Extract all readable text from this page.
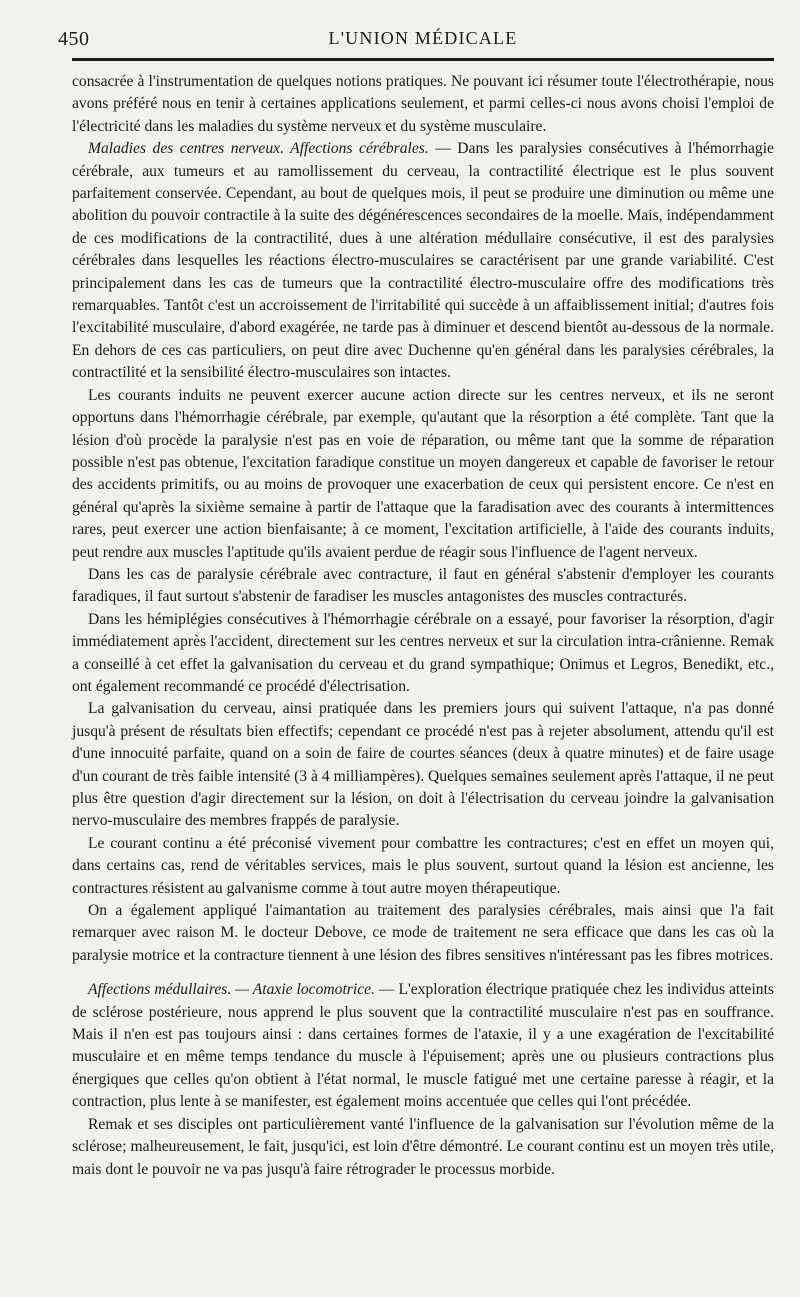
450	L'UNION MÉDICALE

consacrée à l'instrumentation de quelques notions pratiques. Ne pouvant ici résumer toute l'électrothérapie, nous avons préféré nous en tenir à certaines applications seulement, et parmi celles-ci nous avons choisi l'emploi de l'électricité dans les maladies du système nerveux et du système musculaire.

Maladies des centres nerveux. Affections cérébrales. — Dans les paralysies consécutives à l'hémorrhagie cérébrale, aux tumeurs et au ramollissement du cerveau, la contractilité électrique est le plus souvent parfaitement conservée. Cependant, au bout de quelques mois, il peut se produire une diminution ou même une abolition du pouvoir contractile à la suite des dégénérescences secondaires de la moelle. Mais, indépendamment de ces modifications de la contractilité, dues à une altération médullaire consécutive, il est des paralysies cérébrales dans lesquelles les réactions électro-musculaires se caractérisent par une grande variabilité. C'est principalement dans les cas de tumeurs que la contractilité électro-musculaire offre des modifications très remarquables. Tantôt c'est un accroissement de l'irritabilité qui succède à un affaiblissement initial; d'autres fois l'excitabilité musculaire, d'abord exagérée, ne tarde pas à diminuer et descend bientôt au-dessous de la normale. En dehors de ces cas particuliers, on peut dire avec Duchenne qu'en général dans les paralysies cérébrales, la contractilité et la sensibilité électro-musculaires son intactes.

Les courants induits ne peuvent exercer aucune action directe sur les centres nerveux, et ils ne seront opportuns dans l'hémorrhagie cérébrale, par exemple, qu'autant que la résorption a été complète. Tant que la lésion d'où procède la paralysie n'est pas en voie de réparation, ou même tant que la somme de réparation possible n'est pas obtenue, l'excitation faradique constitue un moyen dangereux et capable de favoriser le retour des accidents primitifs, ou au moins de provoquer une exacerbation de ceux qui persistent encore. Ce n'est en général qu'après la sixième semaine à partir de l'attaque que la faradisation avec des courants à intermittences rares, peut exercer une action bienfaisante; à ce moment, l'excitation artificielle, à l'aide des courants induits, peut rendre aux muscles l'aptitude qu'ils avaient perdue de réagir sous l'influence de l'agent nerveux.

Dans les cas de paralysie cérébrale avec contracture, il faut en général s'abstenir d'employer les courants faradiques, il faut surtout s'abstenir de faradiser les muscles antagonistes des muscles contracturés.

Dans les hémiplégies consécutives à l'hémorrhagie cérébrale on a essayé, pour favoriser la résorption, d'agir immédiatement après l'accident, directement sur les centres nerveux et sur la circulation intra-crânienne. Remak a conseillé à cet effet la galvanisation du cerveau et du grand sympathique; Onimus et Legros, Benedikt, etc., ont également recommandé ce procédé d'électrisation.

La galvanisation du cerveau, ainsi pratiquée dans les premiers jours qui suivent l'attaque, n'a pas donné jusqu'à présent de résultats bien effectifs; cependant ce procédé n'est pas à rejeter absolument, attendu qu'il est d'une innocuité parfaite, quand on a soin de faire de courtes séances (deux à quatre minutes) et de faire usage d'un courant de très faible intensité (3 à 4 milliampères). Quelques semaines seulement après l'attaque, il ne peut plus être question d'agir directement sur la lésion, on doit à l'électrisation du cerveau joindre la galvanisation nervo-musculaire des membres frappés de paralysie.

Le courant continu a été préconisé vivement pour combattre les contractures; c'est en effet un moyen qui, dans certains cas, rend de véritables services, mais le plus souvent, surtout quand la lésion est ancienne, les contractures résistent au galvanisme comme à tout autre moyen thérapeutique.

On a également appliqué l'aimantation au traitement des paralysies cérébrales, mais ainsi que l'a fait remarquer avec raison M. le docteur Debove, ce mode de traitement ne sera efficace que dans les cas où la paralysie motrice et la contracture tiennent à une lésion des fibres sensitives n'intéressant pas les fibres motrices.

Affections médullaires. — Ataxie locomotrice. — L'exploration électrique pratiquée chez les individus atteints de sclérose postérieure, nous apprend le plus souvent que la contractilité musculaire n'est pas en souffrance. Mais il n'en est pas toujours ainsi : dans certaines formes de l'ataxie, il y a une exagération de l'excitabilité musculaire et en même temps tendance du muscle à l'épuisement; après une ou plusieurs contractions plus énergiques que celles qu'on obtient à l'état normal, le muscle fatigué met une certaine paresse à réagir, et la contraction, plus lente à se manifester, est également moins accentuée que celles qui l'ont précédée.

Remak et ses disciples ont particulièrement vanté l'influence de la galvanisation sur l'évolution même de la sclérose; malheureusement, le fait, jusqu'ici, est loin d'être démontré. Le courant continu est un moyen très utile, mais dont le pouvoir ne va pas jusqu'à faire rétrograder le processus morbide.
